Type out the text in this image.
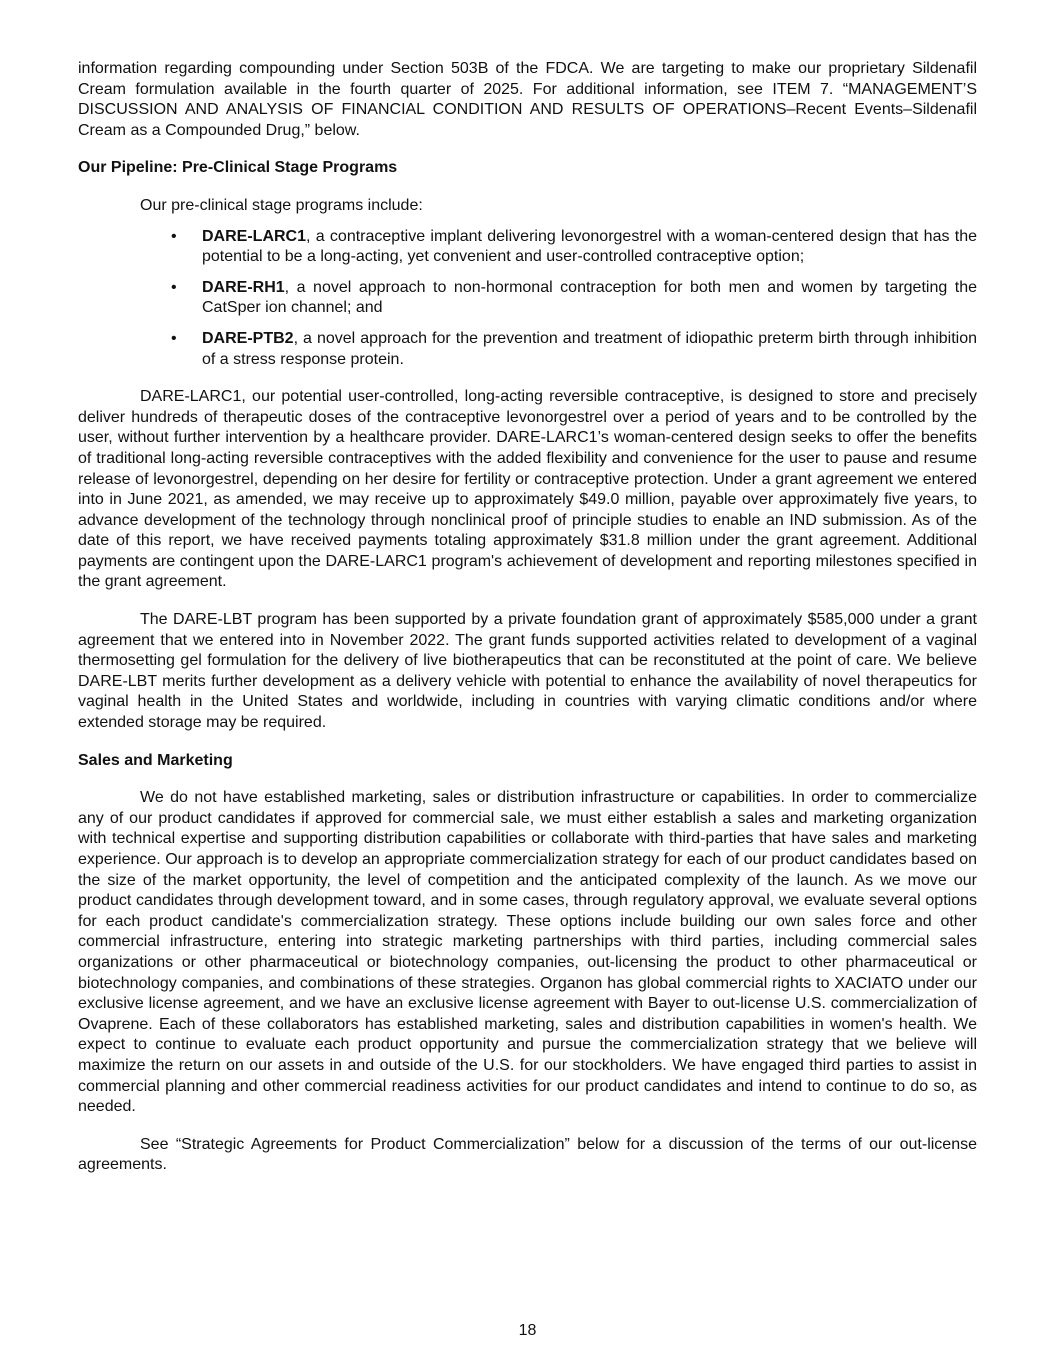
information regarding compounding under Section 503B of the FDCA. We are targeting to make our proprietary Sildenafil Cream formulation available in the fourth quarter of 2025. For additional information, see ITEM 7. “MANAGEMENT’S DISCUSSION AND ANALYSIS OF FINANCIAL CONDITION AND RESULTS OF OPERATIONS–Recent Events–Sildenafil Cream as a Compounded Drug,” below.

Our Pipeline: Pre-Clinical Stage Programs

Our pre-clinical stage programs include:

• DARE-LARC1, a contraceptive implant delivering levonorgestrel with a woman-centered design that has the potential to be a long-acting, yet convenient and user-controlled contraceptive option;
• DARE-RH1, a novel approach to non-hormonal contraception for both men and women by targeting the CatSper ion channel; and
• DARE-PTB2, a novel approach for the prevention and treatment of idiopathic preterm birth through inhibition of a stress response protein.

DARE-LARC1, our potential user-controlled, long-acting reversible contraceptive, is designed to store and precisely deliver hundreds of therapeutic doses of the contraceptive levonorgestrel over a period of years and to be controlled by the user, without further intervention by a healthcare provider. DARE-LARC1’s woman-centered design seeks to offer the benefits of traditional long-acting reversible contraceptives with the added flexibility and convenience for the user to pause and resume release of levonorgestrel, depending on her desire for fertility or contraceptive protection. Under a grant agreement we entered into in June 2021, as amended, we may receive up to approximately $49.0 million, payable over approximately five years, to advance development of the technology through nonclinical proof of principle studies to enable an IND submission. As of the date of this report, we have received payments totaling approximately $31.8 million under the grant agreement. Additional payments are contingent upon the DARE-LARC1 program's achievement of development and reporting milestones specified in the grant agreement.

The DARE-LBT program has been supported by a private foundation grant of approximately $585,000 under a grant agreement that we entered into in November 2022. The grant funds supported activities related to development of a vaginal thermosetting gel formulation for the delivery of live biotherapeutics that can be reconstituted at the point of care. We believe DARE-LBT merits further development as a delivery vehicle with potential to enhance the availability of novel therapeutics for vaginal health in the United States and worldwide, including in countries with varying climatic conditions and/or where extended storage may be required.

Sales and Marketing

We do not have established marketing, sales or distribution infrastructure or capabilities. In order to commercialize any of our product candidates if approved for commercial sale, we must either establish a sales and marketing organization with technical expertise and supporting distribution capabilities or collaborate with third-parties that have sales and marketing experience. Our approach is to develop an appropriate commercialization strategy for each of our product candidates based on the size of the market opportunity, the level of competition and the anticipated complexity of the launch. As we move our product candidates through development toward, and in some cases, through regulatory approval, we evaluate several options for each product candidate's commercialization strategy. These options include building our own sales force and other commercial infrastructure, entering into strategic marketing partnerships with third parties, including commercial sales organizations or other pharmaceutical or biotechnology companies, out-licensing the product to other pharmaceutical or biotechnology companies, and combinations of these strategies. Organon has global commercial rights to XACIATO under our exclusive license agreement, and we have an exclusive license agreement with Bayer to out-license U.S. commercialization of Ovaprene. Each of these collaborators has established marketing, sales and distribution capabilities in women's health. We expect to continue to evaluate each product opportunity and pursue the commercialization strategy that we believe will maximize the return on our assets in and outside of the U.S. for our stockholders. We have engaged third parties to assist in commercial planning and other commercial readiness activities for our product candidates and intend to continue to do so, as needed.

See “Strategic Agreements for Product Commercialization” below for a discussion of the terms of our out-license agreements.

18
